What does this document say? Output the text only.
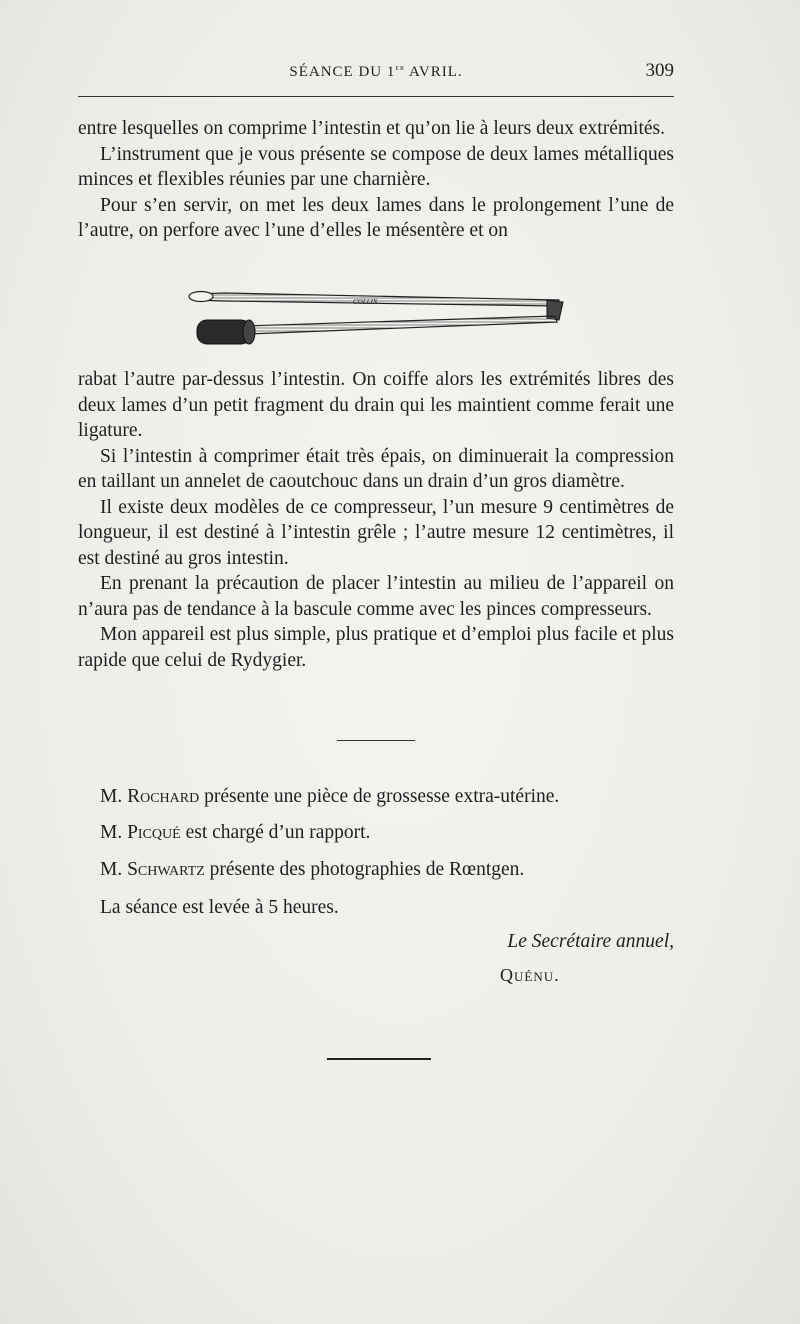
SÉANCE DU 1er AVRIL.	309

entre lesquelles on comprime l’intestin et qu’on lie à leurs deux extrémités.

L’instrument que je vous présente se compose de deux lames métalliques minces et flexibles réunies par une charnière.

Pour s’en servir, on met les deux lames dans le prolongement l’une de l’autre, on perfore avec l’une d’elles le mésentère et on

COLLIN

rabat l’autre par-dessus l’intestin. On coiffe alors les extrémités libres des deux lames d’un petit fragment du drain qui les maintient comme ferait une ligature.

Si l’intestin à comprimer était très épais, on diminuerait la compression en taillant un annelet de caoutchouc dans un drain d’un gros diamètre.

Il existe deux modèles de ce compresseur, l’un mesure 9 centimètres de longueur, il est destiné à l’intestin grêle ; l’autre mesure 12 centimètres, il est destiné au gros intestin.

En prenant la précaution de placer l’intestin au milieu de l’appareil on n’aura pas de tendance à la bascule comme avec les pinces compresseurs.

Mon appareil est plus simple, plus pratique et d’emploi plus facile et plus rapide que celui de Rydygier.

M. Rochard présente une pièce de grossesse extra-utérine.
M. Picqué est chargé d’un rapport.
M. Schwartz présente des photographies de Rœntgen.
La séance est levée à 5 heures.
Le Secrétaire annuel,
Quénu.
